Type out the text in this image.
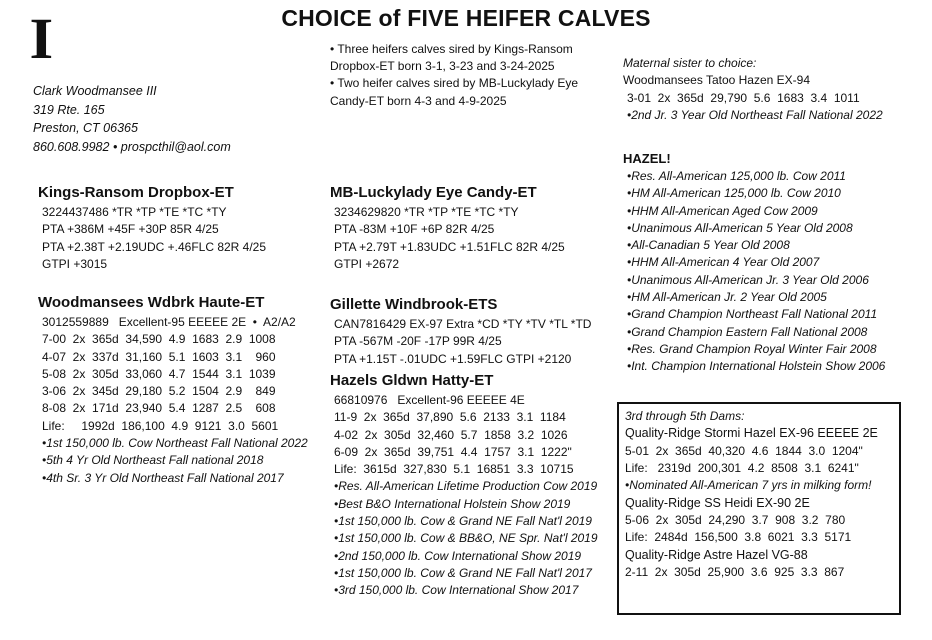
I	CHOICE of FIVE HEIFER CALVES
Clark Woodmansee III
319 Rte. 165
Preston, CT 06365
860.608.9982 • prospcthil@aol.com
• Three heifers calves sired by Kings-Ransom
Dropbox-ET born 3-1, 3-23 and 3-24-2025
• Two heifer calves sired by MB-Luckylady Eye
Candy-ET born 4-3 and 4-9-2025
Kings-Ransom Dropbox-ET
3224437486 *TR *TP *TE *TC *TY
PTA +386M +45F +30P 85R 4/25
PTA +2.38T +2.19UDC +.46FLC 82R 4/25
GTPI +3015
MB-Luckylady Eye Candy-ET
3234629820 *TR *TP *TE *TC *TY
PTA -83M +10F +6P 82R 4/25
PTA +2.79T +1.83UDC +1.51FLC 82R 4/25
GTPI +2672
Woodmansees Wdbrk Haute-ET
3012559889   Excellent-95 EEEEE 2E  •  A2/A2
7-00  2x  365d  34,590  4.9  1683  2.9  1008
4-07  2x  337d  31,160  5.1  1603  3.1    960
5-08  2x  305d  33,060  4.7  1544  3.1  1039
3-06  2x  345d  29,180  5.2  1504  2.9    849
8-08  2x  171d  23,940  5.4  1287  2.5    608
Life:     1992d  186,100  4.9  9121  3.0  5601
•1st 150,000 lb. Cow Northeast Fall National 2022
•5th 4 Yr Old Northeast Fall national 2018
•4th Sr. 3 Yr Old Northeast Fall National 2017
Gillette Windbrook-ETS
CAN7816429 EX-97 Extra *CD *TY *TV *TL *TD
PTA -567M -20F -17P 99R 4/25
PTA +1.15T -.01UDC +1.59FLC GTPI +2120
Hazels Gldwn Hatty-ET
66810976   Excellent-96 EEEEE 4E
11-9  2x  365d  37,890  5.6  2133  3.1  1184
4-02  2x  305d  32,460  5.7  1858  3.2  1026
6-09  2x  365d  39,751  4.4  1757  3.1  1222"
Life:  3615d  327,830  5.1  16851  3.3  10715
•Res. All-American Lifetime Production Cow 2019
•Best B&O International Holstein Show 2019
•1st 150,000 lb. Cow & Grand NE Fall Nat'l 2019
•1st 150,000 lb. Cow & BB&O, NE Spr. Nat'l 2019
•2nd 150,000 lb. Cow International Show 2019
•1st 150,000 lb. Cow & Grand NE Fall Nat'l 2017
•3rd 150,000 lb. Cow International Show 2017
Maternal sister to choice:
Woodmansees Tatoo Hazen EX-94
3-01  2x  365d  29,790  5.6  1683  3.4  1011
•2nd Jr. 3 Year Old Northeast Fall National 2022
HAZEL!
•Res. All-American 125,000 lb. Cow 2011
•HM All-American 125,000 lb. Cow 2010
•HHM All-American Aged Cow 2009
•Unanimous All-American 5 Year Old 2008
•All-Canadian 5 Year Old 2008
•HHM All-American 4 Year Old 2007
•Unanimous All-American Jr. 3 Year Old 2006
•HM All-American Jr. 2 Year Old 2005
•Grand Champion Northeast Fall National 2011
•Grand Champion Eastern Fall National 2008
•Res. Grand Champion Royal Winter Fair 2008
•Int. Champion International Holstein Show 2006
3rd through 5th Dams:
Quality-Ridge Stormi Hazel EX-96 EEEEE 2E
5-01  2x  365d  40,320  4.6  1844  3.0  1204"
Life:   2319d  200,301  4.2  8508  3.1  6241"
•Nominated All-American 7 yrs in milking form!
Quality-Ridge SS Heidi EX-90 2E
5-06  2x  305d  24,290  3.7  908  3.2  780
Life:  2484d  156,500  3.8  6021  3.3  5171
Quality-Ridge Astre Hazel VG-88
2-11  2x  305d  25,900  3.6  925  3.3  867
